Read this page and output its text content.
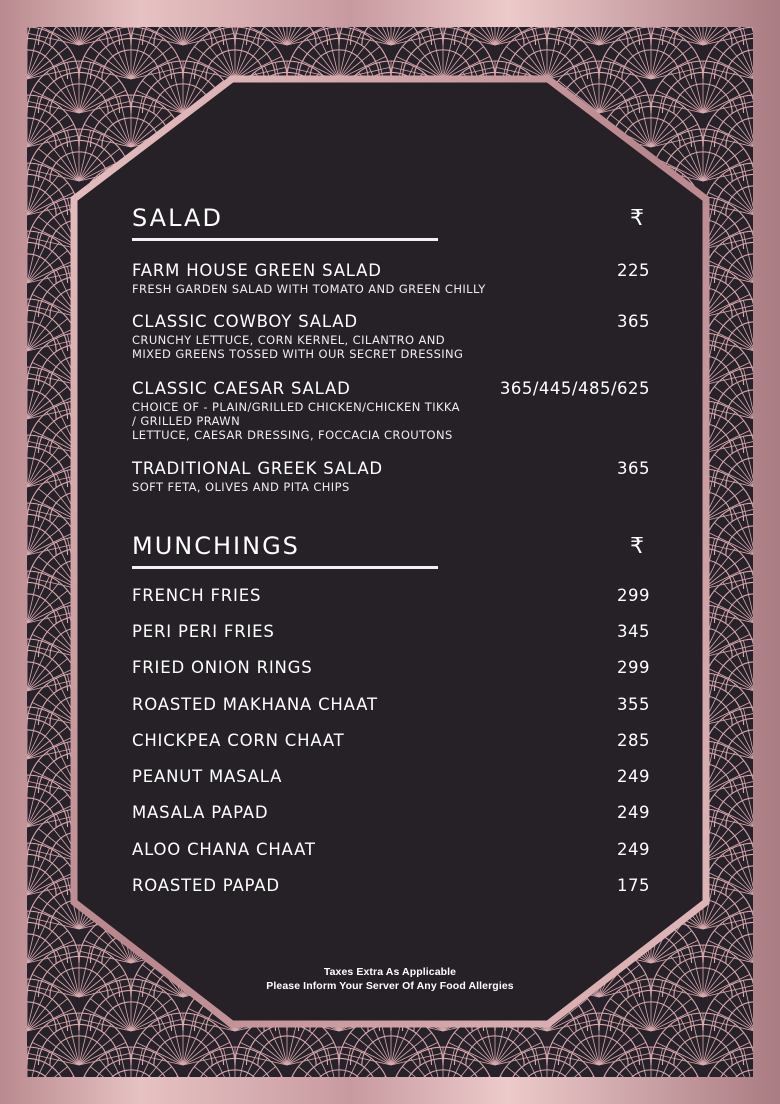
SALAD	₹
FARM HOUSE GREEN SALAD	225
FRESH GARDEN SALAD WITH TOMATO AND GREEN CHILLY
CLASSIC COWBOY SALAD	365
CRUNCHY LETTUCE, CORN KERNEL, CILANTRO AND
MIXED GREENS TOSSED WITH OUR SECRET DRESSING
CLASSIC CAESAR SALAD	365/445/485/625
CHOICE OF - PLAIN/GRILLED CHICKEN/CHICKEN TIKKA
/ GRILLED PRAWN
LETTUCE, CAESAR DRESSING, FOCCACIA CROUTONS
TRADITIONAL GREEK SALAD	365
SOFT FETA, OLIVES AND PITA CHIPS
MUNCHINGS	₹
FRENCH FRIES	299
PERI PERI FRIES	345
FRIED ONION RINGS	299
ROASTED MAKHANA CHAAT	355
CHICKPEA CORN CHAAT	285
PEANUT MASALA	249
MASALA PAPAD	249
ALOO CHANA CHAAT	249
ROASTED PAPAD	175
Taxes Extra As Applicable
Please Inform Your Server Of Any Food Allergies
